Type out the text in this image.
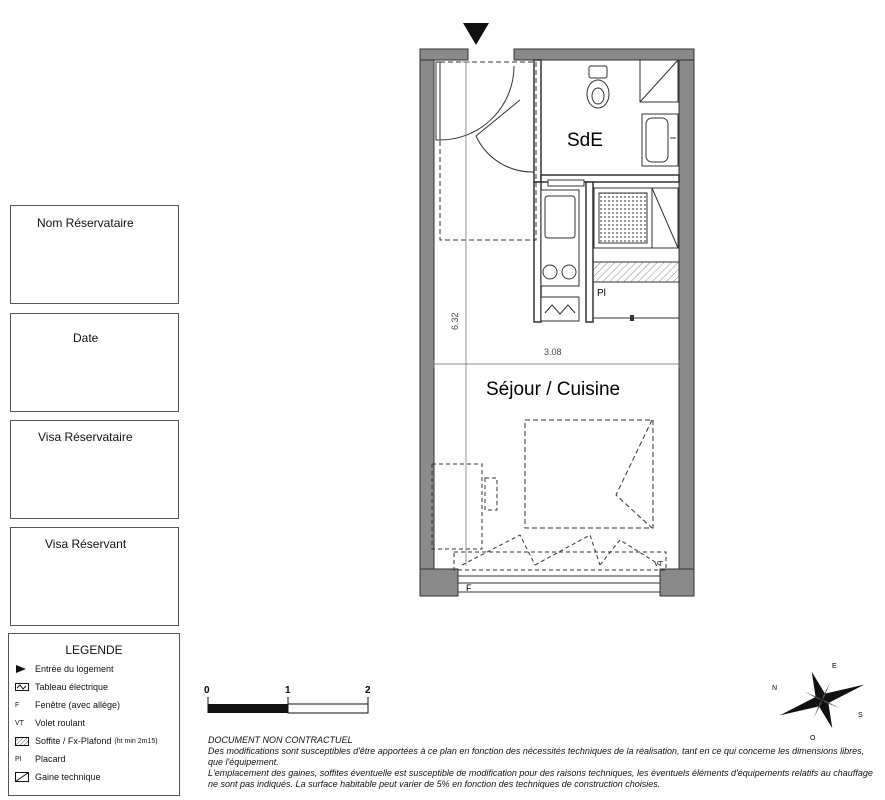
Nom Réservataire
Date
Visa Réservataire
Visa Réservant
LEGENDE
Entrée du logement
Tableau électrique
F	Fenêtre (avec allège)
VT	Volet roulant
Soffite / Fx-Plafond (ht min 2m15)
PI	Placard
Gaine technique
F
VT
SdE
Pl
6.32
3.08
Séjour / Cuisine
0	1	2	N
E
S
O

DOCUMENT NON CONTRACTUEL

Des modifications sont susceptibles d'être apportées à ce plan en fonction des nécessités techniques de la réalisation, tant en ce qui concerne les dimensions libres, que l'équipement.

L'emplacement des gaines, soffites éventuelle est susceptible de modification pour des raisons techniques, les éventuels éléments d'équipements relatifs au chauffage ne sont pas indiqués. La surface habitable peut varier de 5% en fonction des techniques de construction choisies.
